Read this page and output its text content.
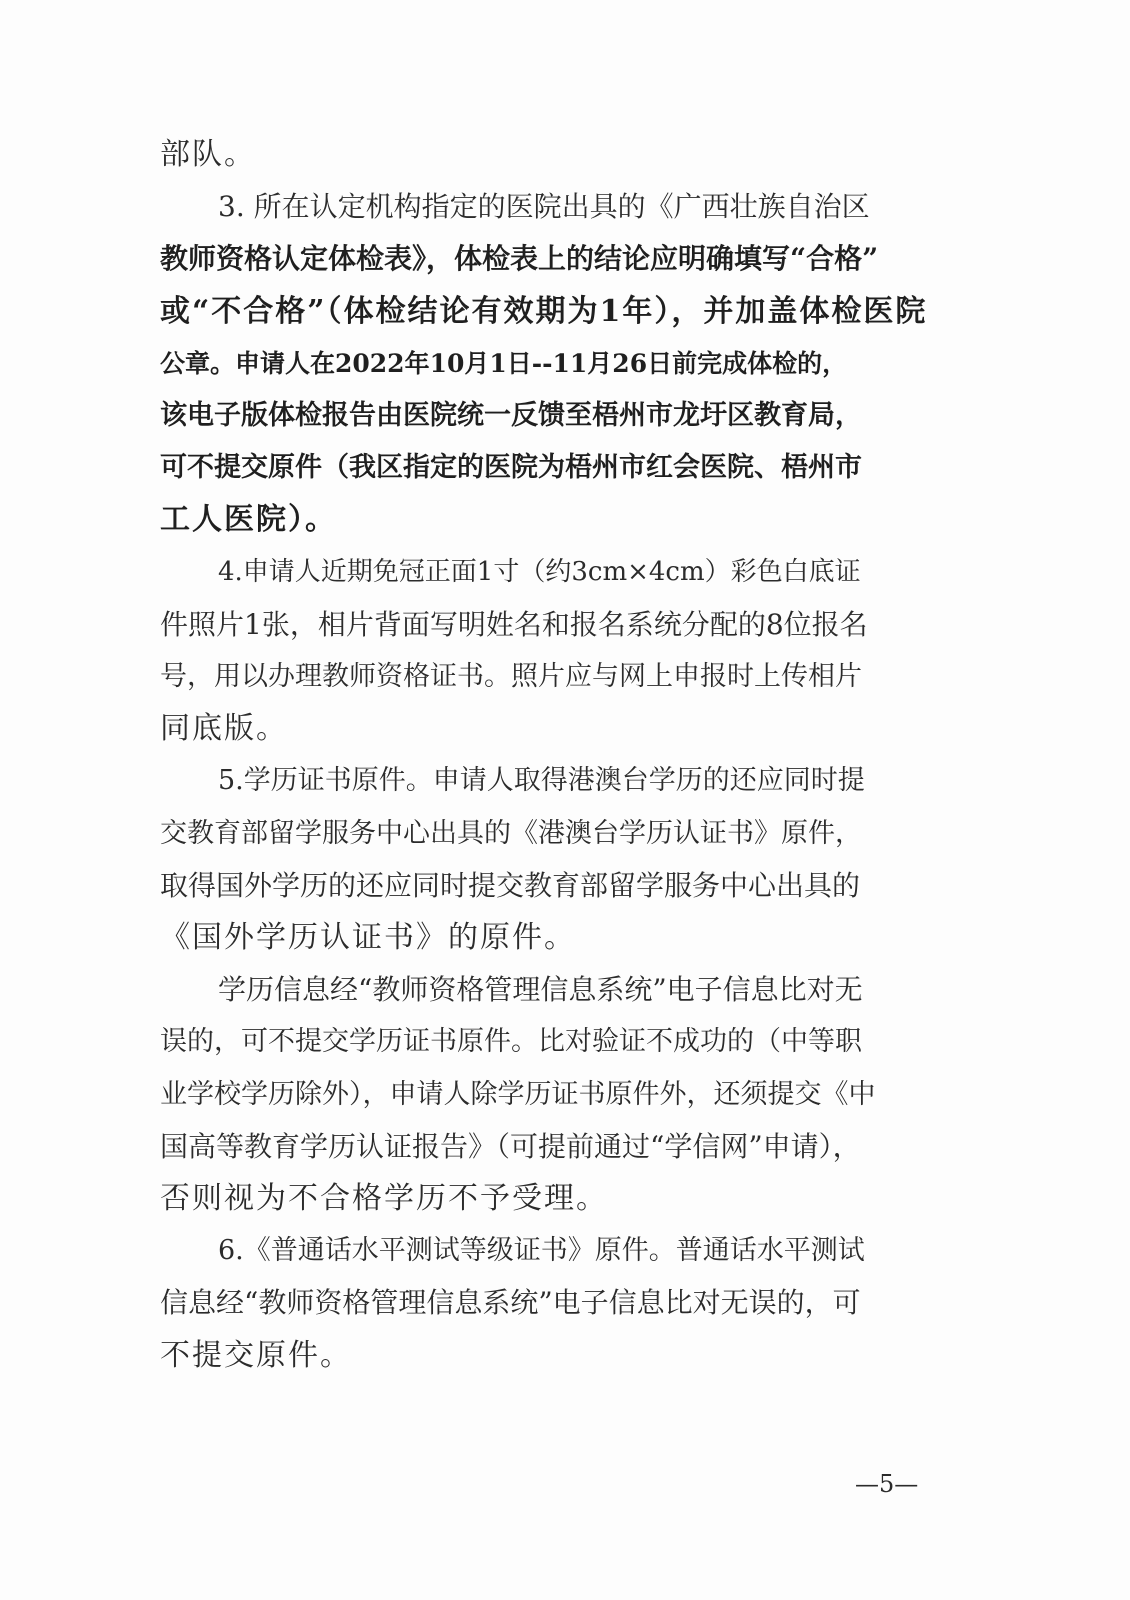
部队。
3. 所在认定机构指定的医院出具的《广西壮族自治区
教师资格认定体检表》，体检表上的结论应明确填写“合格”
或“不合格”（体检结论有效期为1年），并加盖体检医院
公章。申请人在2022年10月1日--11月26日前完成体检的，
该电子版体检报告由医院统一反馈至梧州市龙圩区教育局，
可不提交原件（我区指定的医院为梧州市红会医院、梧州市
工人医院）。
4.申请人近期免冠正面1寸（约3cm×4cm）彩色白底证
件照片1张，相片背面写明姓名和报名系统分配的8位报名
号，用以办理教师资格证书。照片应与网上申报时上传相片
同底版。
5.学历证书原件。申请人取得港澳台学历的还应同时提
交教育部留学服务中心出具的《港澳台学历认证书》原件，
取得国外学历的还应同时提交教育部留学服务中心出具的
《国外学历认证书》的原件。
学历信息经“教师资格管理信息系统”电子信息比对无
误的，可不提交学历证书原件。比对验证不成功的（中等职
业学校学历除外），申请人除学历证书原件外，还须提交《中
国高等教育学历认证报告》（可提前通过“学信网”申请），
否则视为不合格学历不予受理。
6.《普通话水平测试等级证书》原件。普通话水平测试
信息经“教师资格管理信息系统”电子信息比对无误的，可
不提交原件。
—5—
